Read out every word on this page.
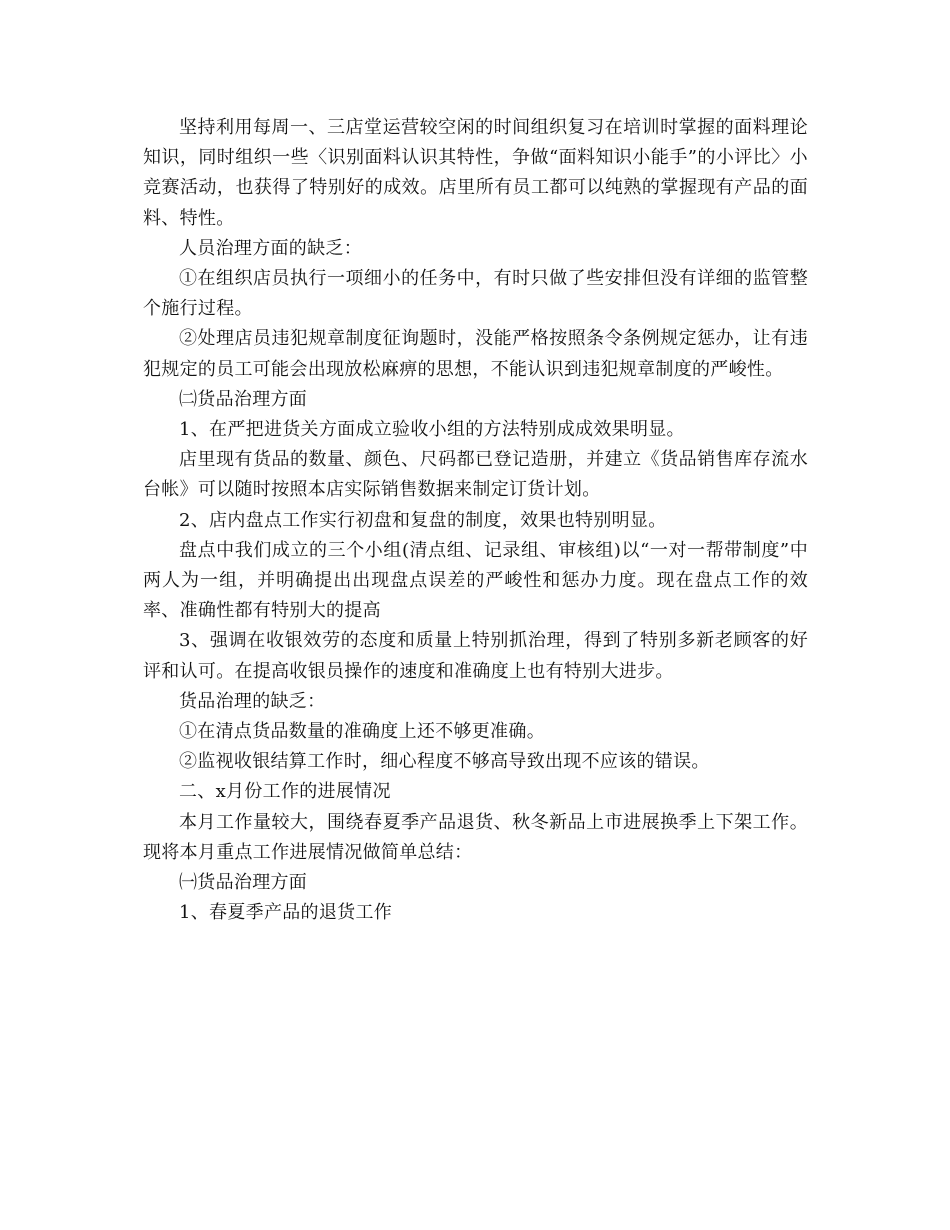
坚持利用每周一、三店堂运营较空闲的时间组织复习在培训时掌握的面料理论知识，同时组织一些〈识别面料认识其特性，争做“面料知识小能手”的小评比〉小竞赛活动，也获得了特别好的成效。店里所有员工都可以纯熟的掌握现有产品的面料、特性。

人员治理方面的缺乏：

①在组织店员执行一项细小的任务中，有时只做了些安排但没有详细的监管整个施行过程。

②处理店员违犯规章制度征询题时，没能严格按照条令条例规定惩办，让有违犯规定的员工可能会出现放松麻痹的思想，不能认识到违犯规章制度的严峻性。

㈡货品治理方面

1、在严把进货关方面成立验收小组的方法特别成成效果明显。

店里现有货品的数量、颜色、尺码都已登记造册，并建立《货品销售库存流水台帐》可以随时按照本店实际销售数据来制定订货计划。

2、店内盘点工作实行初盘和复盘的制度，效果也特别明显。

盘点中我们成立的三个小组(清点组、记录组、审核组)以“一对一帮带制度”中两人为一组，并明确提出出现盘点误差的严峻性和惩办力度。现在盘点工作的效率、准确性都有特别大的提高

3、强调在收银效劳的态度和质量上特别抓治理，得到了特别多新老顾客的好评和认可。在提高收银员操作的速度和准确度上也有特别大进步。

货品治理的缺乏：

①在清点货品数量的准确度上还不够更准确。

②监视收银结算工作时，细心程度不够高导致出现不应该的错误。

二、x月份工作的进展情况

本月工作量较大，围绕春夏季产品退货、秋冬新品上市进展换季上下架工作。现将本月重点工作进展情况做简单总结：

㈠货品治理方面

1、春夏季产品的退货工作
